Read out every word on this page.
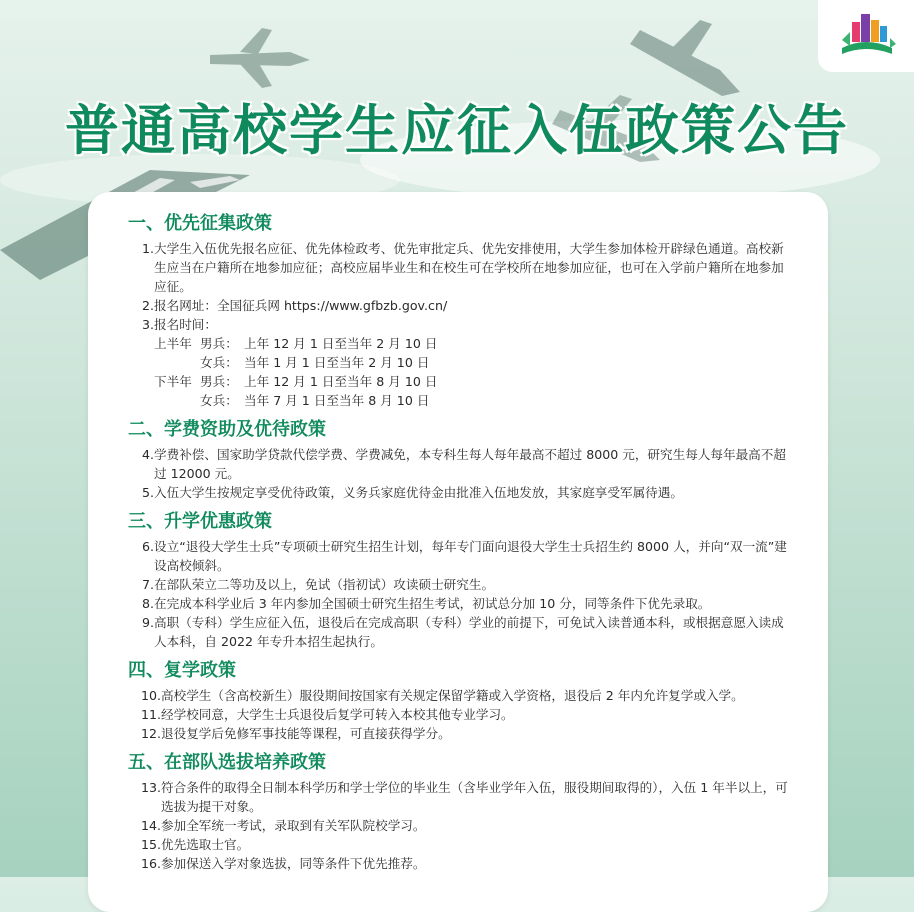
普通高校学生应征入伍政策公告
一、优先征集政策

1.大学生入伍优先报名应征、优先体检政考、优先审批定兵、优先安排使用，大学生参加体检开辟绿色通道。高校新生应当在户籍所在地参加应征；高校应届毕业生和在校生可在学校所在地参加应征，也可在入学前户籍所在地参加应征。

2.报名网址：全国征兵网 https://www.gfbzb.gov.cn/

3.报名时间：

上半年 男兵： 上年 12 月 1 日至当年 2 月 10 日

女兵： 当年 1 月 1 日至当年 2 月 10 日

下半年 男兵： 上年 12 月 1 日至当年 8 月 10 日

女兵： 当年 7 月 1 日至当年 8 月 10 日

二、学费资助及优待政策

4.学费补偿、国家助学贷款代偿学费、学费减免，本专科生每人每年最高不超过 8000 元，研究生每人每年最高不超过 12000 元。

5.入伍大学生按规定享受优待政策，义务兵家庭优待金由批准入伍地发放，其家庭享受军属待遇。

三、升学优惠政策

6.设立“退役大学生士兵”专项硕士研究生招生计划，每年专门面向退役大学生士兵招生约 8000 人，并向“双一流”建设高校倾斜。

7.在部队荣立二等功及以上，免试（指初试）攻读硕士研究生。

8.在完成本科学业后 3 年内参加全国硕士研究生招生考试，初试总分加 10 分，同等条件下优先录取。

9.高职（专科）学生应征入伍，退役后在完成高职（专科）学业的前提下，可免试入读普通本科，或根据意愿入读成人本科，自 2022 年专升本招生起执行。

四、复学政策

10.高校学生（含高校新生）服役期间按国家有关规定保留学籍或入学资格，退役后 2 年内允许复学或入学。

11.经学校同意，大学生士兵退役后复学可转入本校其他专业学习。

12.退役复学后免修军事技能等课程，可直接获得学分。

五、在部队选拔培养政策

13.符合条件的取得全日制本科学历和学士学位的毕业生（含毕业学年入伍，服役期间取得的），入伍 1 年半以上，可选拔为提干对象。

14.参加全军统一考试，录取到有关军队院校学习。

15.优先选取士官。

16.参加保送入学对象选拔，同等条件下优先推荐。
